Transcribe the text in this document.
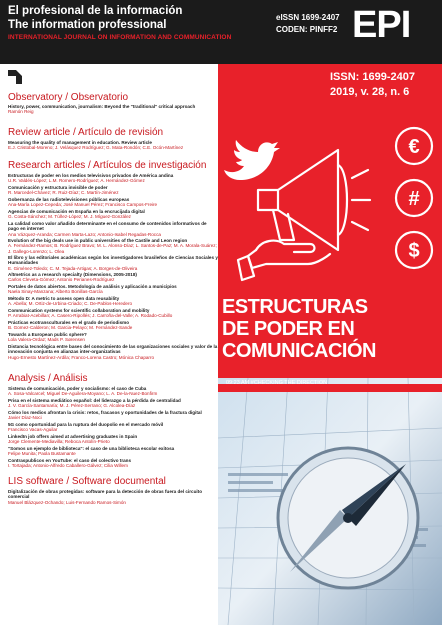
El profesional de la información
The information professional
INTERNATIONAL JOURNAL ON INFORMATION AND COMMUNICATION
eISSN 1699-2407
CODEN: PINFF2 EPI
09:23 AM #CHECKING THE DIRECTION
ISSN: 1699-2407
2019, v. 28, n. 6
€
#
$
ESTRUCTURAS
DE PODER EN
COMUNICACIÓN
Observatory / Observatorio
History, power, communication, journalism: Beyond the "traditional" critical approach
Ramón Reig
Review article / Artículo de revisión
Measuring the quality of management in education. Review article
E.J. Cristobal-Moreno; J. Velásquez Rodríguez; G. Mata-Rondón; C.E. Ocón-Martínez
Research articles / Artículos de investigación
Estructuras de poder en los medios televisivos privados de América andina
U.R. Valdés-López; L.M. Romero-Rodríguez; A. Hernández-Gómez
Comunicación y estructura invisible de poder
R. Marcedel-Chávez; R. Ruiz-Díaz; C. Martín-Jiménez
Gobernanza de las radiotelevisiones públicas europeas
Ana-María Lopez-Cepeda; José Manuel Pérez; Francisco Campos-Freire
Agencias de comunicación en España en la encrucijada digital
G. Costa-Sánchez; M. Túñez-López; M. J. Míguez-González
La calidad como valor añadido determinante en el consumo de contenidos informativos de pago en internet
Ana Vázquez-Aranda; Carmen Marta-Lazo; Antonio-Isabel Regadas-Rocca
Evolution of the big deals use in public universities of the Castile and Leon region
A. Fernández-Ramos; B. Rodríguez Bravo; M. L. Alonso-Díaz; L. Santos-de-Paz; M. A. Morala-Suárez; J. Gallego-Lorenzo; L. Olea
El libro y las editoriales académicas según los investigadores brasileños de Ciencias Sociales y Humanidades
E. Giménez-Toledo; C. M. Tejada-Artigas; A. Borges-de-Oliveira
Altmetrics as a research specialty (Dimensions, 2005-2018)
Carlos Cleveta-Gómez; Antonio Perianes-Rodríguez
Portales de datos abiertos. Metodología de análisis y aplicación a municipios
Naela Sinay-Manzana; Alberto Bonillas-García
Método D: A metric to assess open data reusability
A. Abella; M. Ortiz-de-Urbina-Criado; C. De-Pablos-Heredero
Communication systems for scientific collaboration and mobility
P. Arrabiat-Acebillan; A. Casero-Ripollés; J. Carroña-del-Valle; A. Rodado-Cubillo
Prácticas ecotransculturales en el grado de periodismo
B. Gomez-Calderon; M. Garcia-Pelayo; M. Fernández-Sande
Towards a European public sphere?
Lola Valera-Ordaz; Mads P. Sørensen
Distancia tecnológica entre bases del conocimiento de las organizaciones sociales y valor de la innovación conjunta en alianzas inter-organizativas
Hugo-Ernesto Martínez-Ardila; Franco-Lorena Castro; Mónica Chaparro
Analysis / Análisis
Sistema de comunicación, poder y socialismo: el caso de Cuba
A. Sosa-Valcarcel; Miguel De-Aguilera-Moyano; L. A. De-la-Nuez-Bonfirm
Prisa en el sistema mediático español: del liderazgo a la pérdida de centralidad
J. V. García-Santamaría; M. J. Pérez-Serrano; G. Alcolea-Díaz
Cómo los medios afrontan la crisis: retos, fracasos y oportunidades de la fractura digital
Javier Díaz-Noci
5G como oportunidad para la ruptura del duopolio en el mercado móvil
Francisco Vacas-Aguilar
LinkedIn job offers aimed at advertising graduates in Spain
Jorge Clemente-Mediavilla; Reboca Antolín-Prieto
"Somos un ejemplo de biblioteca": el caso de una biblioteca escolar exitosa
Felipe Munita; Paola Bustamante
Contraspublicos en YouTube: el caso del colectivo trans
I. Tortajada; Antonio-Alfredo Caballero-Gálvez; Cilia Willem
LIS software / Software documental
Digitalización de obras protegidas: software para la detección de obras fuera del circuito comercial
Manuel Blázquez-Ochando; Luis-Fernando Ramos-Simón
